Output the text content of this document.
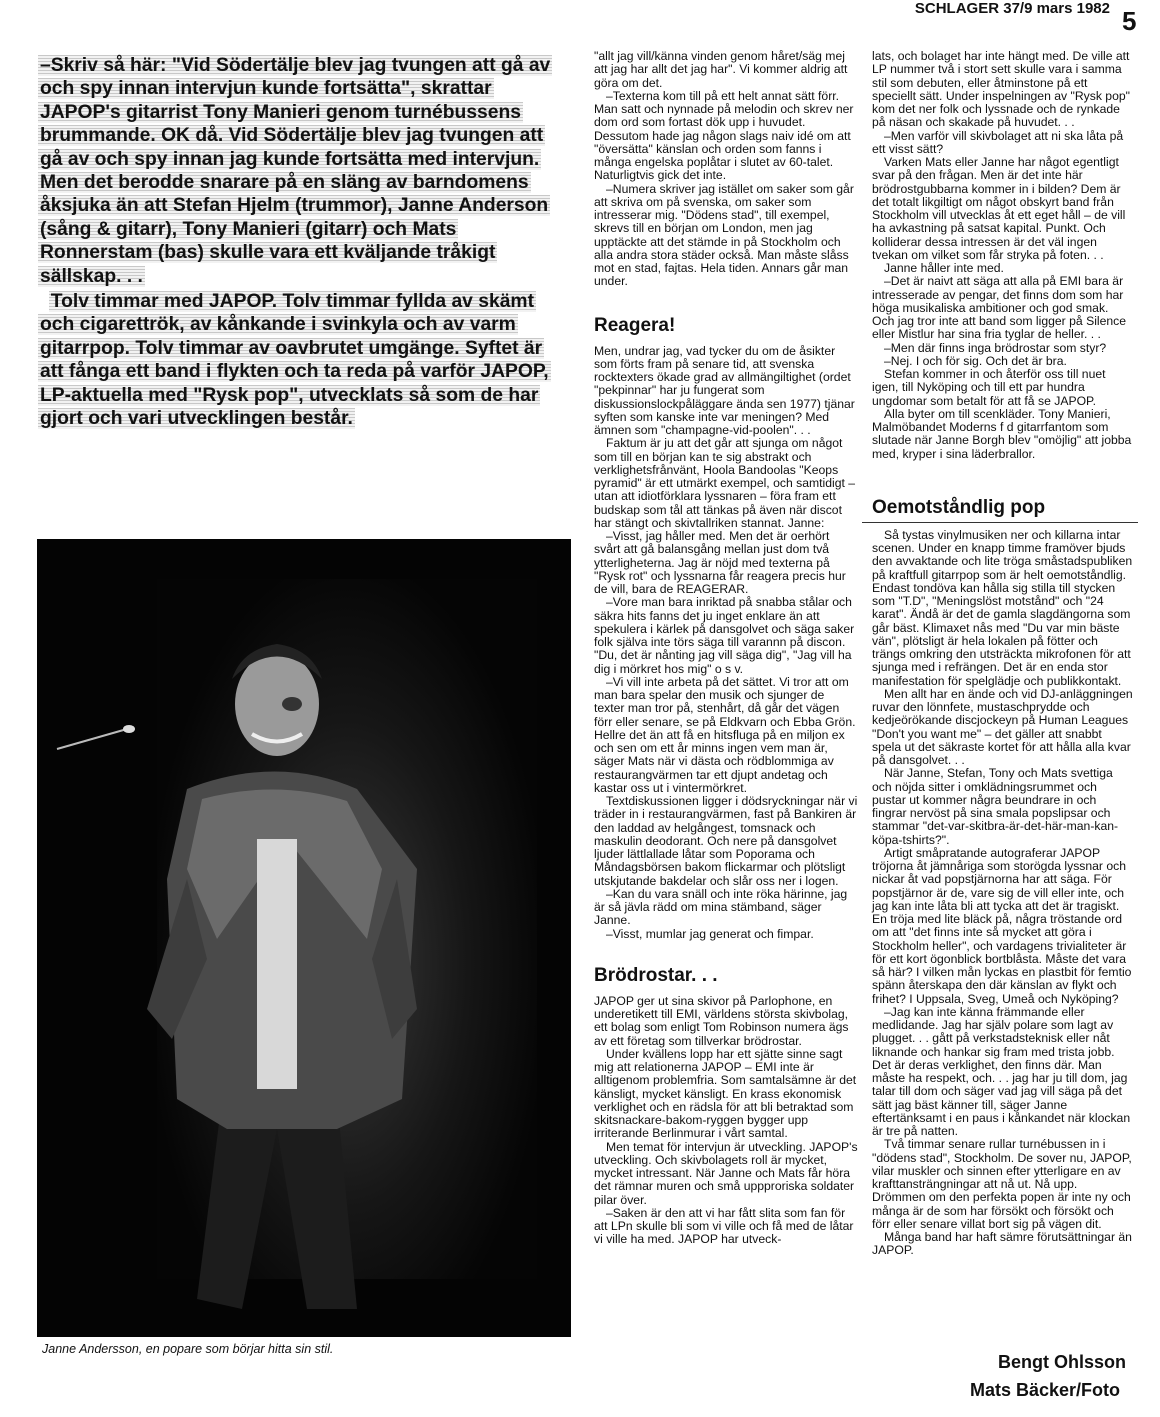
SCHLAGER 37/9 mars 1982 5

–Skriv så här: "Vid Södertälje blev jag tvungen att gå av och spy innan intervjun kunde fortsätta", skrattar JAPOP's gitarrist Tony Manieri genom turnébussens brummande. OK då. Vid Södertälje blev jag tvungen att gå av och spy innan jag kunde fortsätta med intervjun. Men det berodde snarare på en släng av barndomens åksjuka än att Stefan Hjelm (trummor), Janne Anderson (sång & gitarr), Tony Manieri (gitarr) och Mats Ronnerstam (bas) skulle vara ett kväljande tråkigt sällskap. . .

Tolv timmar med JAPOP. Tolv timmar fyllda av skämt och cigarettrök, av kånkande i svinkyla och av varm gitarrpop. Tolv timmar av oavbrutet umgänge. Syftet är att fånga ett band i flykten och ta reda på varför JAPOP, LP-aktuella med "Rysk pop", utvecklats så som de har gjort och vari utvecklingen består.

Janne Andersson, en popare som börjar hitta sin stil.

"allt jag vill/känna vinden genom håret/säg mej att jag har allt det jag har". Vi kommer aldrig att göra om det.

–Texterna kom till på ett helt annat sätt förr. Man satt och nynnade på melodin och skrev ner dom ord som fortast dök upp i huvudet. Dessutom hade jag någon slags naiv idé om att "översätta" känslan och orden som fanns i många engelska poplåtar i slutet av 60-talet. Naturligtvis gick det inte.

–Numera skriver jag istället om saker som går att skriva om på svenska, om saker som intresserar mig. "Dödens stad", till exempel, skrevs till en början om London, men jag upptäckte att det stämde in på Stockholm och alla andra stora städer också. Man måste slåss mot en stad, fajtas. Hela tiden. Annars går man under.

Reagera!

Men, undrar jag, vad tycker du om de åsikter som förts fram på senare tid, att svenska rocktexters ökade grad av allmängiltighet (ordet "pekpinnar" har ju fungerat som diskussionslockpåläggare ända sen 1977) tjänar syften som kanske inte var meningen? Med ämnen som "champagne-vid-poolen". . .

Faktum är ju att det går att sjunga om något som till en början kan te sig abstrakt och verklighetsfrånvänt, Hoola Bandoolas "Keops pyramid" är ett utmärkt exempel, och samtidigt – utan att idiotförklara lyssnaren – föra fram ett budskap som tål att tänkas på även när discot har stängt och skivtallriken stannat. Janne:

–Visst, jag håller med. Men det är oerhört svårt att gå balansgång mellan just dom två ytterligheterna. Jag är nöjd med texterna på "Rysk rot" och lyssnarna får reagera precis hur de vill, bara de REAGERAR.

–Vore man bara inriktad på snabba stålar och säkra hits fanns det ju inget enklare än att spekulera i kärlek på dansgolvet och säga saker folk själva inte törs säga till varannn på discon. "Du, det är nånting jag vill säga dig", "Jag vill ha dig i mörkret hos mig" o s v.

–Vi vill inte arbeta på det sättet. Vi tror att om man bara spelar den musik och sjunger de texter man tror på, stenhårt, då går det vägen förr eller senare, se på Eldkvarn och Ebba Grön. Hellre det än att få en hitsfluga på en miljon ex och sen om ett år minns ingen vem man är, säger Mats när vi dästa och rödblommiga av restaurangvärmen tar ett djupt andetag och kastar oss ut i vintermörkret.

Textdiskussionen ligger i dödsryckningar när vi träder in i restaurangvärmen, fast på Bankiren är den laddad av helgångest, tomsnack och maskulin deodorant. Och nere på dansgolvet ljuder lättlallade låtar som Poporama och Måndagsbörsen bakom flickarmar och plötsligt utskjutande bakdelar och slår oss ner i logen.

–Kan du vara snäll och inte röka härinne, jag är så jävla rädd om mina stämband, säger Janne.

–Visst, mumlar jag generat och fimpar.

Brödrostar. . .

JAPOP ger ut sina skivor på Parlophone, en underetikett till EMI, världens största skivbolag, ett bolag som enligt Tom Robinson numera ägs av ett företag som tillverkar brödrostar.

Under kvällens lopp har ett sjätte sinne sagt mig att relationerna JAPOP – EMI inte är alltigenom problemfria. Som samtalsämne är det känsligt, mycket känsligt. En krass ekonomisk verklighet och en rädsla för att bli betraktad som skitsnackare-bakom-ryggen bygger upp irriterande Berlinmurar i vårt samtal.

Men temat för intervjun är utveckling. JAPOP's utveckling. Och skivbolagets roll är mycket, mycket intressant. När Janne och Mats får höra det rämnar muren och små uppproriska soldater pilar över.

–Saken är den att vi har fått slita som fan för att LPn skulle bli som vi ville och få med de låtar vi ville ha med. JAPOP har utveck-

lats, och bolaget har inte hängt med. De ville att LP nummer två i stort sett skulle vara i samma stil som debuten, eller åtminstone på ett speciellt sätt. Under inspelningen av "Rysk pop" kom det ner folk och lyssnade och de rynkade på näsan och skakade på huvudet. . .

–Men varför vill skivbolaget att ni ska låta på ett visst sätt?

Varken Mats eller Janne har något egentligt svar på den frågan. Men är det inte här brödrostgubbarna kommer in i bilden? Dem är det totalt likgiltigt om något obskyrt band från Stockholm vill utvecklas åt ett eget håll – de vill ha avkastning på satsat kapital. Punkt. Och kolliderar dessa intressen är det väl ingen tvekan om vilket som får stryka på foten. . .

Janne håller inte med.

–Det är naivt att säga att alla på EMI bara är intresserade av pengar, det finns dom som har höga musikaliska ambitioner och god smak. Och jag tror inte att band som ligger på Silence eller Mistlur har sina fria tyglar de heller. . .

–Men där finns inga brödrostar som styr?

–Nej. I och för sig. Och det är bra.

Stefan kommer in och återför oss till nuet igen, till Nyköping och till ett par hundra ungdomar som betalt för att få se JAPOP.

Alla byter om till scenkläder. Tony Manieri, Malmöbandet Moderns f d gitarrfantom som slutade när Janne Borgh blev "omöjlig" att jobba med, kryper i sina läderbrallor.

Oemotståndlig pop

Så tystas vinylmusiken ner och killarna intar scenen. Under en knapp timme framöver bjuds den avvaktande och lite tröga småstadspubliken på kraftfull gitarrpop som är helt oemotståndlig. Endast tondöva kan hålla sig stilla till stycken som "T.D", "Meningslöst motstånd" och "24 karat". Ändå är det de gamla slagdängorna som går bäst. Klimaxet nås med "Du var min bäste vän", plötsligt är hela lokalen på fötter och trängs omkring den utsträckta mikrofonen för att sjunga med i refrängen. Det är en enda stor manifestation för spelglädje och publikkontakt.

Men allt har en ände och vid DJ-anläggningen ruvar den lönnfete, mustaschprydde och kedjeörökande discjockeyn på Human Leagues "Don't you want me" – det gäller att snabbt spela ut det säkraste kortet för att hålla alla kvar på dansgolvet. . .

När Janne, Stefan, Tony och Mats svettiga och nöjda sitter i omklädningsrummet och pustar ut kommer några beundrare in och fingrar nervöst på sina smala popslipsar och stammar "det-var-skitbra-är-det-här-man-kan-köpa-tshirts?".

Artigt småpratande autograferar JAPOP tröjorna åt jämnåriga som storögda lyssnar och nickar åt vad popstjärnorna har att säga. För popstjärnor är de, vare sig de vill eller inte, och jag kan inte låta bli att tycka att det är tragiskt. En tröja med lite bläck på, några tröstande ord om att "det finns inte så mycket att göra i Stockholm heller", och vardagens trivialiteter är för ett kort ögonblick bortblåsta. Måste det vara så här? I vilken mån lyckas en plastbit för femtio spänn återskapa den där känslan av flykt och frihet? I Uppsala, Sveg, Umeå och Nyköping?

–Jag kan inte känna främmande eller medlidande. Jag har själv polare som lagt av plugget. . . gått på verkstadsteknisk eller nåt liknande och hankar sig fram med trista jobb. Det är deras verklighet, den finns där. Man måste ha respekt, och. . . jag har ju till dom, jag talar till dom och säger vad jag vill säga på det sätt jag bäst känner till, säger Janne eftertänksamt i en paus i kånkandet när klockan är tre på natten.

Två timmar senare rullar turnébussen in i "dödens stad", Stockholm. De sover nu, JAPOP, vilar muskler och sinnen efter ytterligare en av krafttansträngningar att nå ut. Nå upp. Drömmen om den perfekta popen är inte ny och många är de som har försökt och försökt och förr eller senare villat bort sig på vägen dit.

Många band har haft sämre förutsättningar än JAPOP.

Bengt Ohlsson
Mats Bäcker/Foto
